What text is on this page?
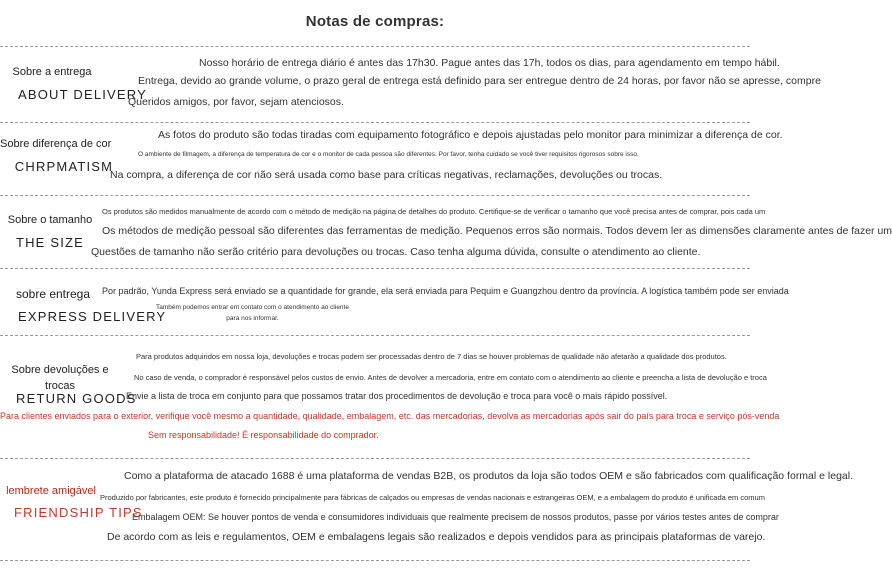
Notas de compras:
Sobre a entrega
ABOUT DELIVERY
Nosso horário de entrega diário é antes das 17h30. Pague antes das 17h, todos os dias, para agendamento em tempo hábil.
Entrega, devido ao grande volume, o prazo geral de entrega está definido para ser entregue dentro de 24 horas, por favor não se apresse, compre
Queridos amigos, por favor, sejam atenciosos.
Sobre diferença de cor
CHRPMATISM
As fotos do produto são todas tiradas com equipamento fotográfico e depois ajustadas pelo monitor para minimizar a diferença de cor.
O ambiente de filmagem, a diferença de temperatura de cor e o monitor de cada pessoa são diferentes. Por favor, tenha cuidado se você tiver requisitos rigorosos sobre isso.
Na compra, a diferença de cor não será usada como base para críticas negativas, reclamações, devoluções ou trocas.
Sobre o tamanho
THE SIZE
Os produtos são medidos manualmente de acordo com o método de medição na página de detalhes do produto. Certifique-se de verificar o tamanho que você precisa antes de comprar, pois cada um
Os métodos de medição pessoal são diferentes das ferramentas de medição. Pequenos erros são normais. Todos devem ler as dimensões claramente antes de fazer um
Questões de tamanho não serão critério para devoluções ou trocas. Caso tenha alguma dúvida, consulte o atendimento ao cliente.
sobre entrega
EXPRESS DELIVERY
Por padrão, Yunda Express será enviado se a quantidade for grande, ela será enviada para Pequim e Guangzhou dentro da província. A logística também pode ser enviada
Também podemos entrar em contato com o atendimento ao cliente para nos informar.
Sobre devoluções e trocas
RETURN GOODS
Para produtos adquiridos em nossa loja, devoluções e trocas podem ser processadas dentro de 7 dias se houver problemas de qualidade não afetarão a qualidade dos produtos.
No caso de venda, o comprador é responsável pelos custos de envio. Antes de devolver a mercadoria, entre em contato com o atendimento ao cliente e preencha a lista de devolução e troca
Envie a lista de troca em conjunto para que possamos tratar dos procedimentos de devolução e troca para você o mais rápido possível.
Para clientes enviados para o exterior, verifique você mesmo a quantidade, qualidade, embalagem, etc. das mercadorias, devolva as mercadorias após sair do país para troca e serviço pós-venda
Sem responsabilidade! É responsabilidade do comprador.
lembrete amigável
FRIENDSHIP TIPS
Como a plataforma de atacado 1688 é uma plataforma de vendas B2B, os produtos da loja são todos OEM e são fabricados com qualificação formal e legal.
Produzido por fabricantes, este produto é fornecido principalmente para fábricas de calçados ou empresas de vendas nacionais e estrangeiras OEM, e a embalagem do produto é unificada em comum
Embalagem OEM: Se houver pontos de venda e consumidores individuais que realmente precisem de nossos produtos, passe por vários testes antes de comprar
De acordo com as leis e regulamentos, OEM e embalagens legais são realizados e depois vendidos para as principais plataformas de varejo.
